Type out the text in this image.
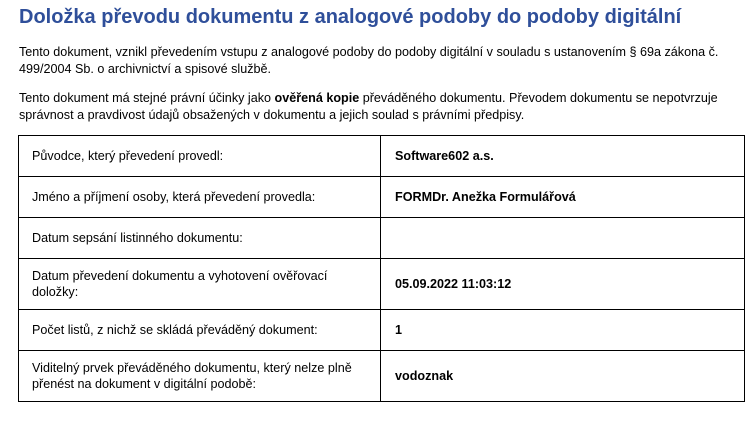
Doložka převodu dokumentu z analogové podoby do podoby digitální

Tento dokument, vznikl převedením vstupu z analogové podoby do podoby digitální v souladu s ustanovením § 69a zákona č. 499/2004 Sb. o archivnictví a spisové službě.

Tento dokument má stejné právní účinky jako ověřená kopie převáděného dokumentu. Převodem dokumentu se nepotvrzuje správnost a pravdivost údajů obsažených v dokumentu a jejich soulad s právními předpisy.

Původce, který převedení provedl:	Software602 a.s.
Jméno a příjmení osoby, která převedení provedla:	FORMDr. Anežka Formulářová
Datum sepsání listinného dokumentu:	
Datum převedení dokumentu a vyhotovení ověřovací doložky:	05.09.2022 11:03:12
Počet listů, z nichž se skládá převáděný dokument:	1
Viditelný prvek převáděného dokumentu, který nelze plně přenést na dokument v digitální podobě:	vodoznak
